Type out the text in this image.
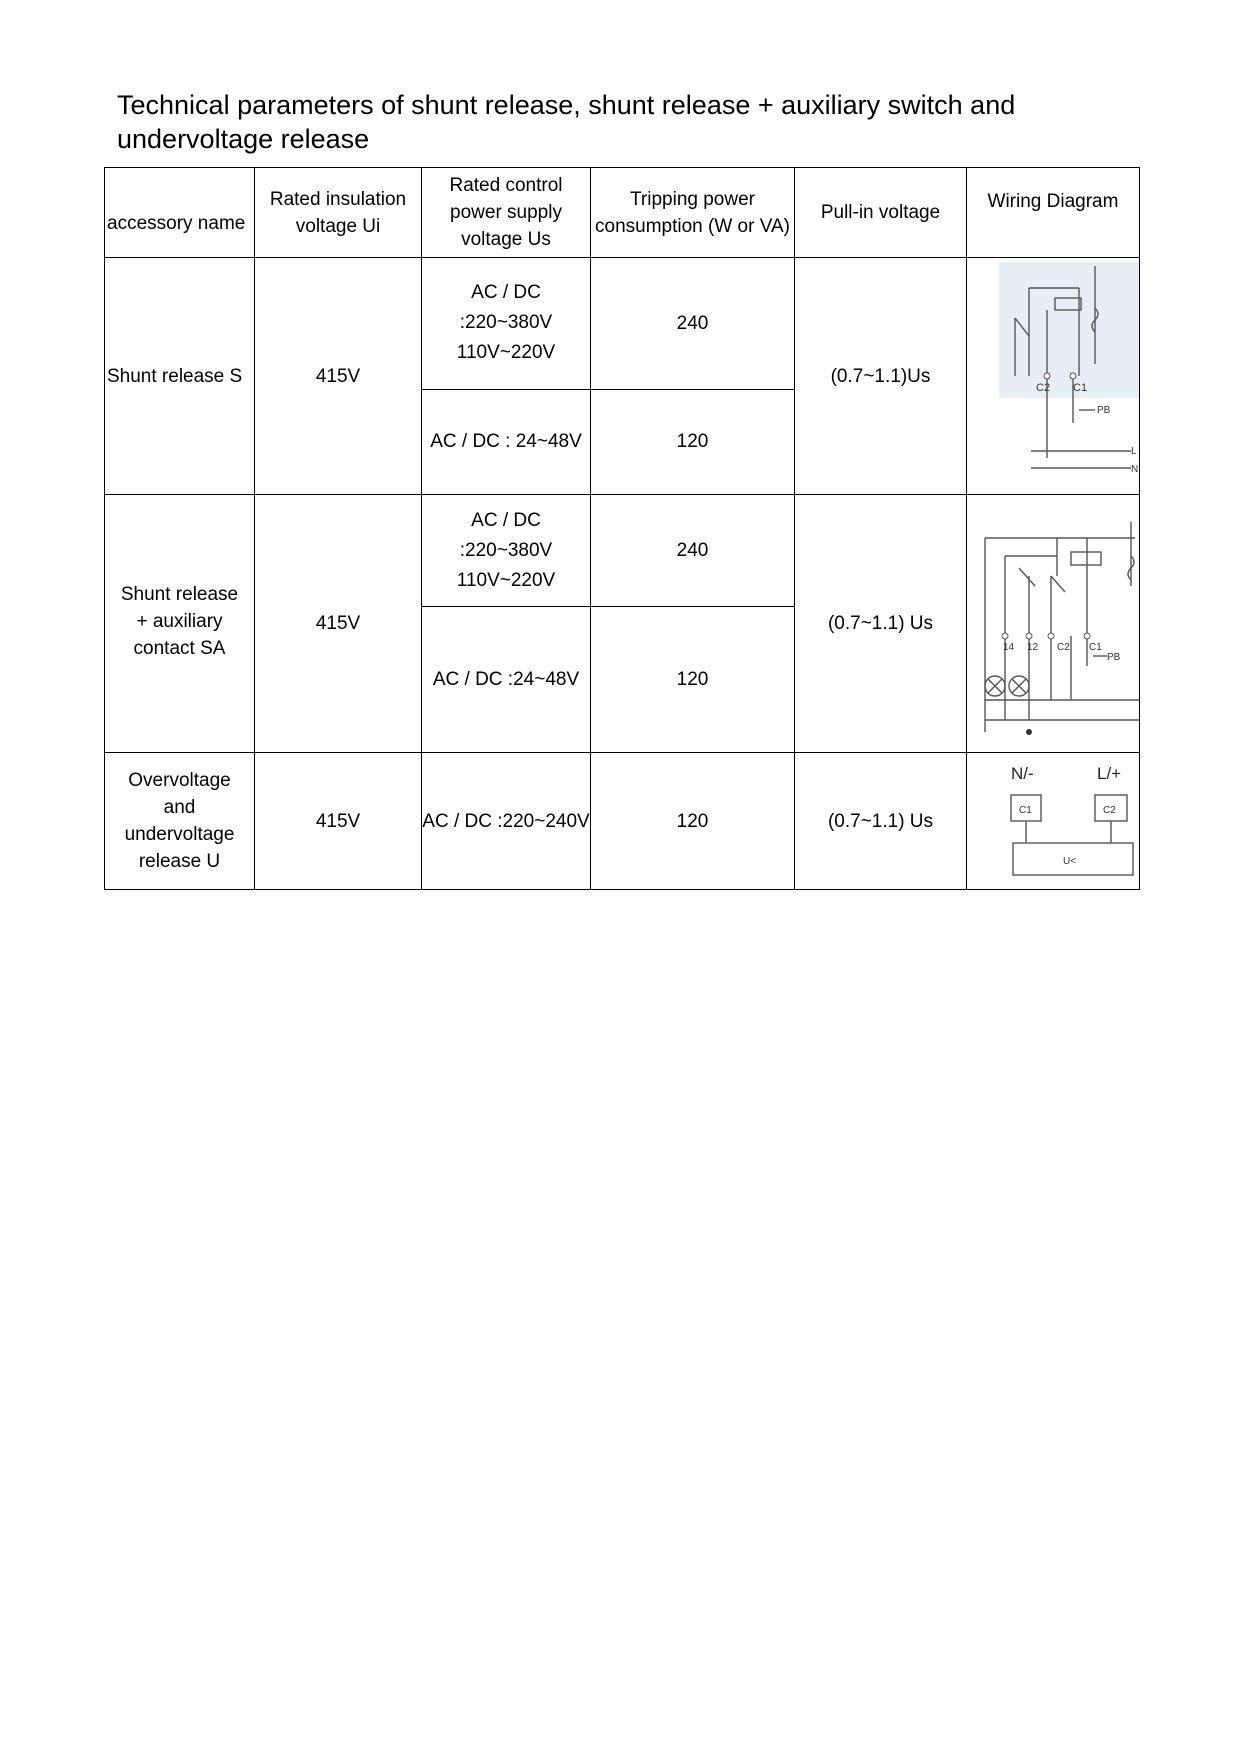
Technical parameters of shunt release, shunt release + auxiliary switch and
undervoltage release
accessory name	Rated insulation voltage Ui	Rated control power supply voltage Us	Tripping power consumption (W or VA)	Pull-in voltage	Wiring Diagram
Shunt release S	415V	AC / DC
:220~380V
110V~220V	240	(0.7~1.1)Us	C2 C1
PB
L
N

		AC / DC : 24~48V	120		
Shunt release
+ auxiliary
contact SA	415V	AC / DC
:220~380V
110V~220V	240	(0.7~1.1) Us	14 12 C2 C1
PB

		AC / DC :24~48V	120		
Overvoltage
and
undervoltage
release U	415V	AC / DC :220~240V	120	(0.7~1.1) Us	N/- L/+
C1 C2
U<
